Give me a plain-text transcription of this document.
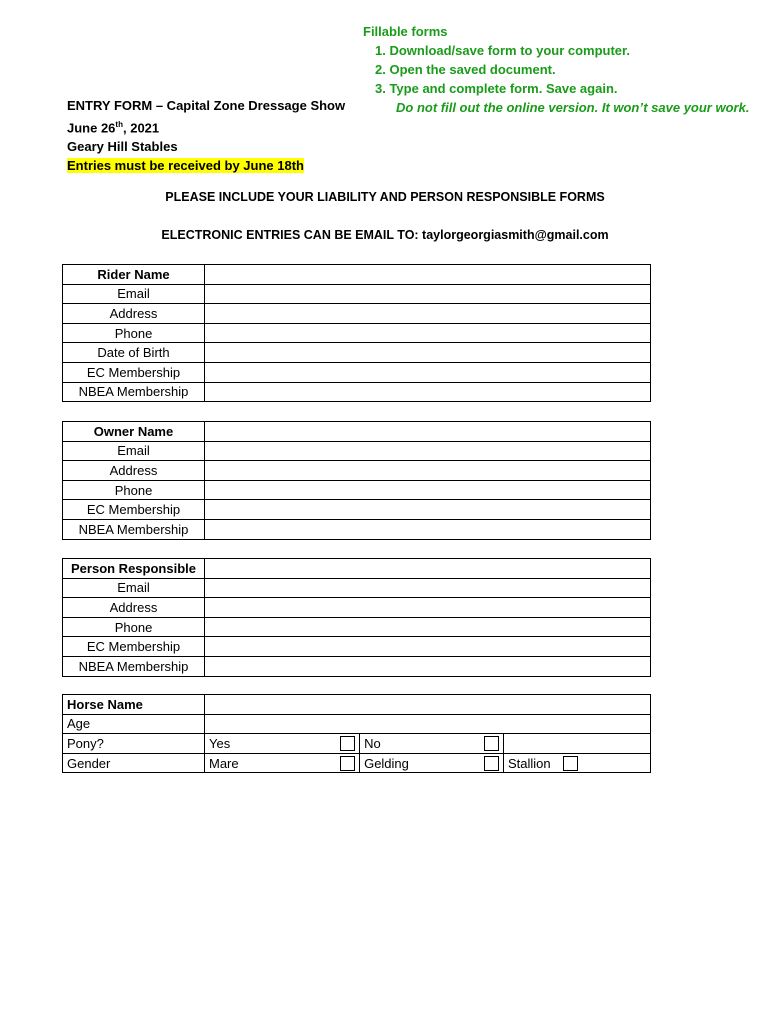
Fillable forms
1. Download/save form to your computer.
2. Open the saved document.
3. Type and complete form. Save again.
Do not fill out the online version. It won’t save your work.
ENTRY FORM – Capital Zone Dressage Show
June 26th, 2021
Geary Hill Stables
Entries must be received by June 18th
PLEASE INCLUDE YOUR LIABILITY AND PERSON RESPONSIBLE FORMS
ELECTRONIC ENTRIES CAN BE EMAIL TO: taylorgeorgiasmith@gmail.com
Rider Name	
Email	
Address	
Phone	
Date of Birth	
EC Membership	
NBEA Membership	
Owner Name	
Email	
Address	
Phone	
EC Membership	
NBEA Membership	
Person Responsible	
Email	
Address	
Phone	
EC Membership	
NBEA Membership	
Horse Name			
Age			
Pony?	Yes	No	

Gender	Mare	Gelding	Stallion
